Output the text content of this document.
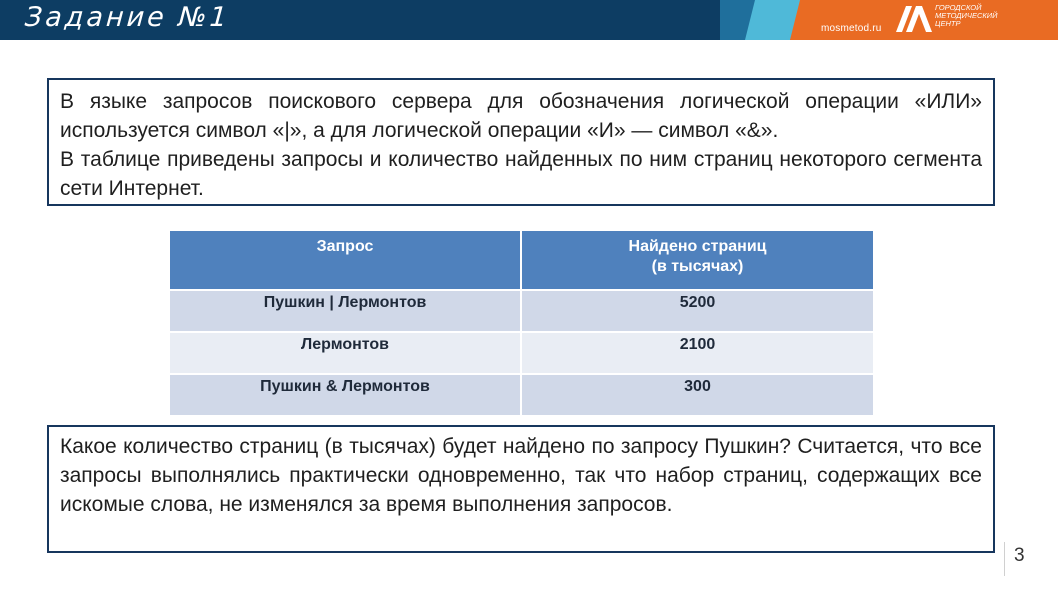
Задание №1	mosmetod.ru
ГОРОДСКОЙ МЕТОДИЧЕСКИЙ ЦЕНТР

В языке запросов поискового сервера для обозначения логической операции «ИЛИ» используется символ «|», а для логической операции «И» — символ «&».

В таблице приведены запросы и количество найденных по ним страниц некоторого сегмента сети Интернет.

Запрос	Найдено страниц
(в тысячах)
Пушкин | Лермонтов	5200
Лермонтов	2100
Пушкин & Лермонтов	300

Какое количество страниц (в тысячах) будет найдено по запросу Пушкин? Считается, что все запросы выполнялись практически одновременно, так что набор страниц, содержащих все искомые слова, не изменялся за время выполнения запросов.

3
